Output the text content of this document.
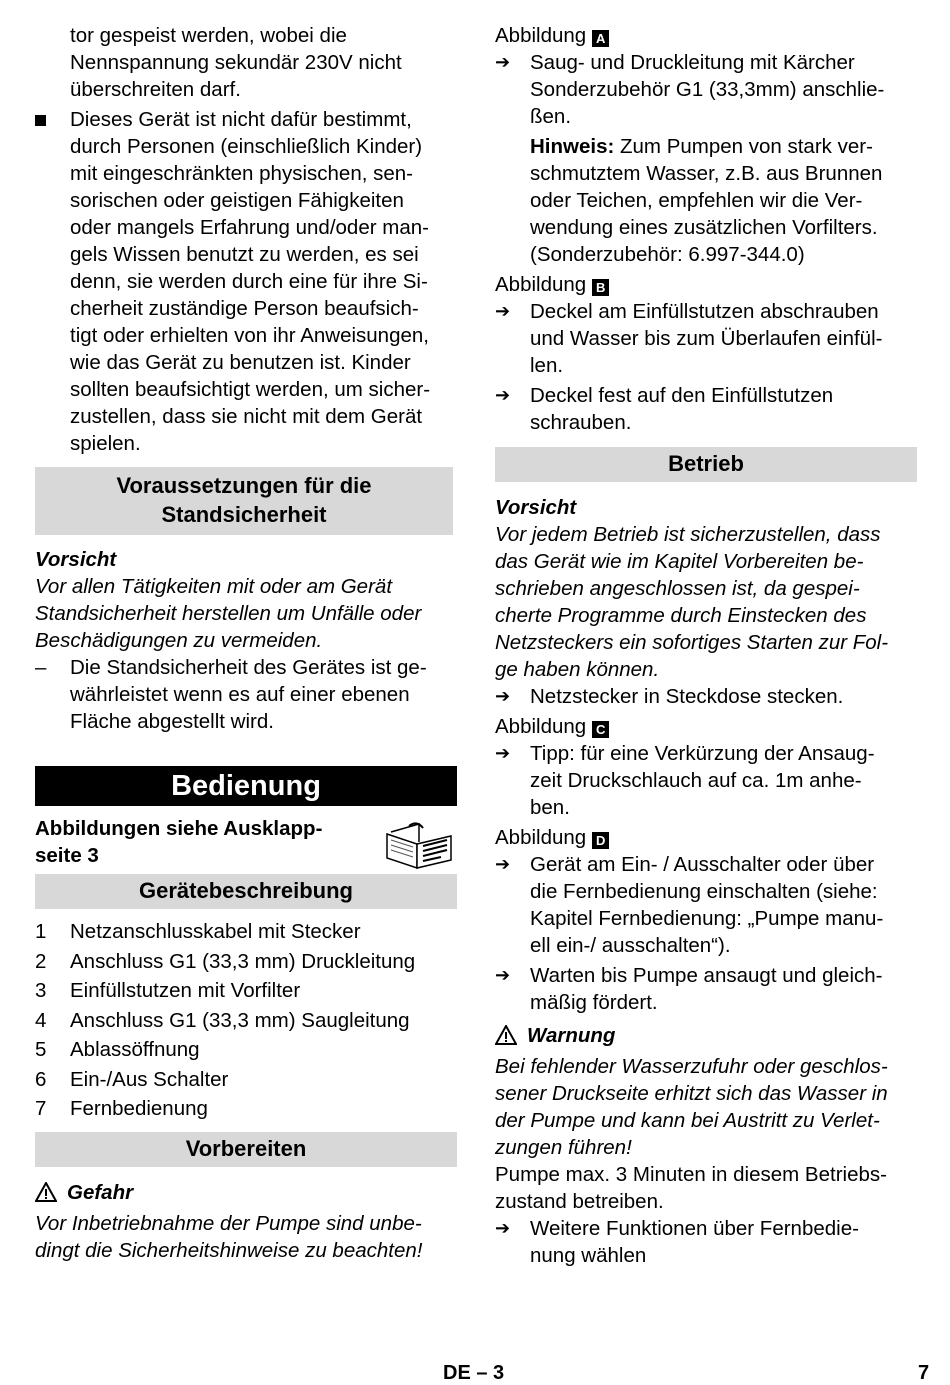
tor gespeist werden, wobei die
Nennspannung sekundär 230V nicht
überschreiten darf.
Dieses Gerät ist nicht dafür bestimmt,
durch Personen (einschließlich Kinder)
mit eingeschränkten physischen, sen-
sorischen oder geistigen Fähigkeiten
oder mangels Erfahrung und/oder man-
gels Wissen benutzt zu werden, es sei
denn, sie werden durch eine für ihre Si-
cherheit zuständige Person beaufsich-
tigt oder erhielten von ihr Anweisungen,
wie das Gerät zu benutzen ist. Kinder
sollten beaufsichtigt werden, um sicher-
zustellen, dass sie nicht mit dem Gerät
spielen.
Voraussetzungen für die
Standsicherheit
Vorsicht
Vor allen Tätigkeiten mit oder am Gerät
Standsicherheit herstellen um Unfälle oder
Beschädigungen zu vermeiden.
–	Die Standsicherheit des Gerätes ist ge-
währleistet wenn es auf einer ebenen
Fläche abgestellt wird.
Bedienung
Abbildungen siehe Ausklapp-
seite 3
Gerätebeschreibung
1	Netzanschlusskabel mit Stecker
2	Anschluss G1 (33,3 mm) Druckleitung
3	Einfüllstutzen mit Vorfilter
4	Anschluss G1 (33,3 mm) Saugleitung
5	Ablassöffnung
6	Ein-/Aus Schalter
7	Fernbedienung
Vorbereiten
Gefahr
Vor Inbetriebnahme der Pumpe sind unbe-
dingt die Sicherheitshinweise zu beachten!
Abbildung A
➔ Saug- und Druckleitung mit Kärcher
Sonderzubehör G1 (33,3mm) anschlie-
ßen.
Hinweis: Zum Pumpen von stark ver-
schmutztem Wasser, z.B. aus Brunnen
oder Teichen, empfehlen wir die Ver-
wendung eines zusätzlichen Vorfilters.
(Sonderzubehör: 6.997-344.0)
Abbildung B
➔ Deckel am Einfüllstutzen abschrauben
und Wasser bis zum Überlaufen einfül-
len.
➔ Deckel fest auf den Einfüllstutzen
schrauben.
Betrieb
Vorsicht
Vor jedem Betrieb ist sicherzustellen, dass
das Gerät wie im Kapitel Vorbereiten be-
schrieben angeschlossen ist, da gespei-
cherte Programme durch Einstecken des
Netzsteckers ein sofortiges Starten zur Fol-
ge haben können.
➔ Netzstecker in Steckdose stecken.
Abbildung C
➔ Tipp: für eine Verkürzung der Ansaug-
zeit Druckschlauch auf ca. 1m anhe-
ben.
Abbildung D
➔ Gerät am Ein- / Ausschalter oder über
die Fernbedienung einschalten (siehe:
Kapitel Fernbedienung: „Pumpe manu-
ell ein-/ ausschalten“).
➔ Warten bis Pumpe ansaugt und gleich-
mäßig fördert.
Warnung
Bei fehlender Wasserzufuhr oder geschlos-
sener Druckseite erhitzt sich das Wasser in
der Pumpe und kann bei Austritt zu Verlet-
zungen führen!
Pumpe max. 3 Minuten in diesem Betriebs-
zustand betreiben.
➔ Weitere Funktionen über Fernbedie-
nung wählen
DE – 3	7
